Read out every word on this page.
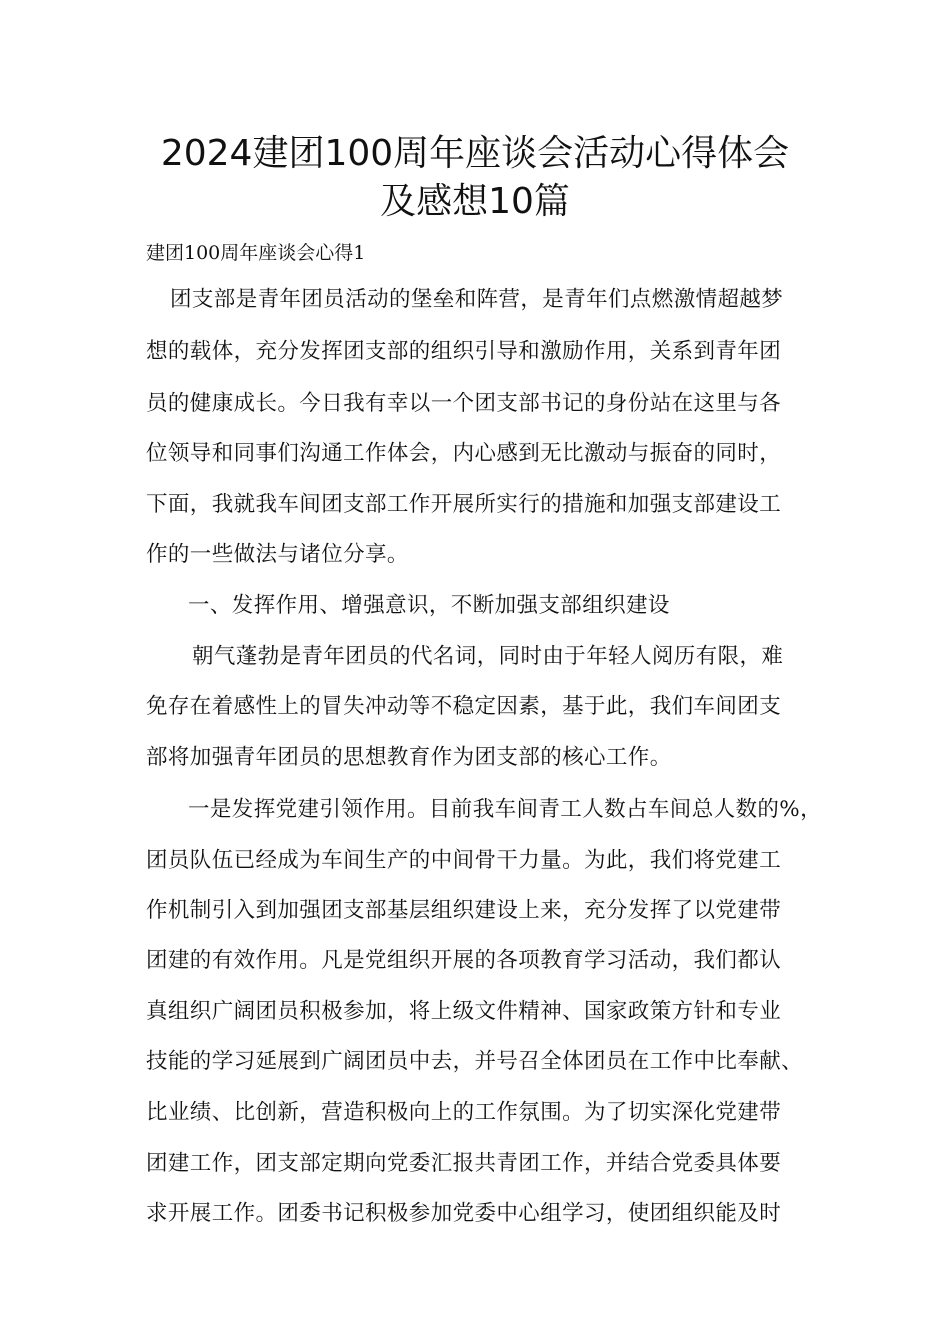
2024建团100周年座谈会活动心得体会
及感想10篇
建团100周年座谈会心得1
团支部是青年团员活动的堡垒和阵营，是青年们点燃激情超越梦
想的载体，充分发挥团支部的组织引导和激励作用，关系到青年团
员的健康成长。今日我有幸以一个团支部书记的身份站在这里与各
位领导和同事们沟通工作体会，内心感到无比激动与振奋的同时，
下面，我就我车间团支部工作开展所实行的措施和加强支部建设工
作的一些做法与诸位分享。
一、发挥作用、增强意识，不断加强支部组织建设
朝气蓬勃是青年团员的代名词，同时由于年轻人阅历有限，难
免存在着感性上的冒失冲动等不稳定因素，基于此，我们车间团支
部将加强青年团员的思想教育作为团支部的核心工作。
一是发挥党建引领作用。目前我车间青工人数占车间总人数的%，
团员队伍已经成为车间生产的中间骨干力量。为此，我们将党建工
作机制引入到加强团支部基层组织建设上来，充分发挥了以党建带
团建的有效作用。凡是党组织开展的各项教育学习活动，我们都认
真组织广阔团员积极参加，将上级文件精神、国家政策方针和专业
技能的学习延展到广阔团员中去，并号召全体团员在工作中比奉献、
比业绩、比创新，营造积极向上的工作氛围。为了切实深化党建带
团建工作，团支部定期向党委汇报共青团工作，并结合党委具体要
求开展工作。团委书记积极参加党委中心组学习，使团组织能及时
